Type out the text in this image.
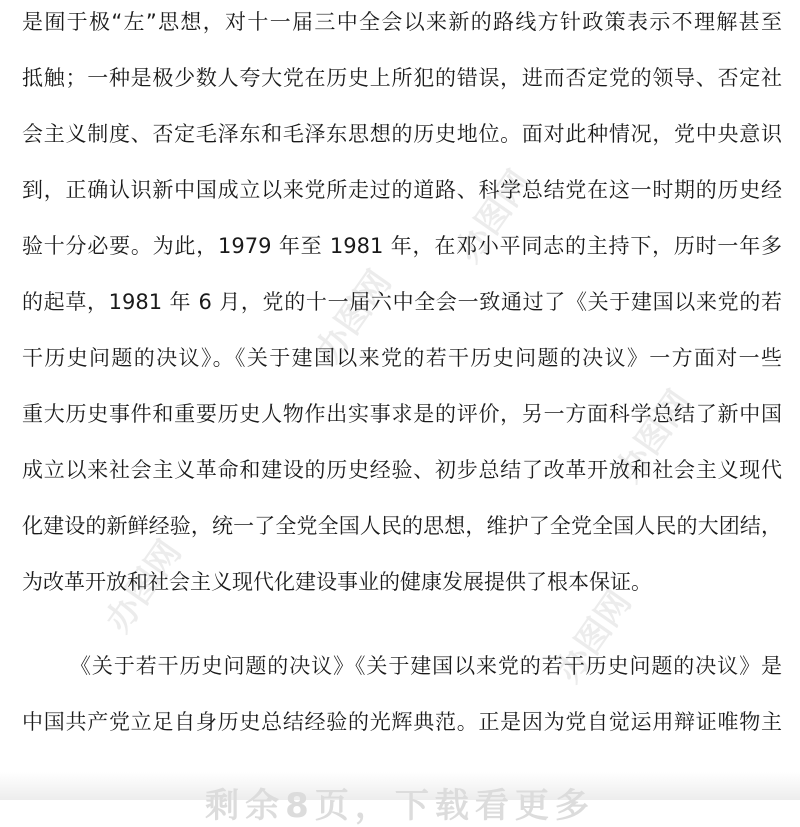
办图网
办图网
办图网
办图网	办图网
是囿于极“左”思想，对十一届三中全会以来新的路线方针政策表示不理解甚至
抵触；一种是极少数人夸大党在历史上所犯的错误，进而否定党的领导、否定社
会主义制度、否定毛泽东和毛泽东思想的历史地位。面对此种情况，党中央意识
到，正确认识新中国成立以来党所走过的道路、科学总结党在这一时期的历史经
验十分必要。为此，1979 年至 1981 年，在邓小平同志的主持下，历时一年多
的起草，1981 年 6 月，党的十一届六中全会一致通过了《关于建国以来党的若
干历史问题的决议》。《关于建国以来党的若干历史问题的决议》一方面对一些
重大历史事件和重要历史人物作出实事求是的评价，另一方面科学总结了新中国
成立以来社会主义革命和建设的历史经验、初步总结了改革开放和社会主义现代
化建设的新鲜经验，统一了全党全国人民的思想，维护了全党全国人民的大团结，
为改革开放和社会主义现代化建设事业的健康发展提供了根本保证。
《关于若干历史问题的决议》《关于建国以来党的若干历史问题的决议》是
中国共产党立足自身历史总结经验的光辉典范。正是因为党自觉运用辩证唯物主
剩余8页，下载看更多
